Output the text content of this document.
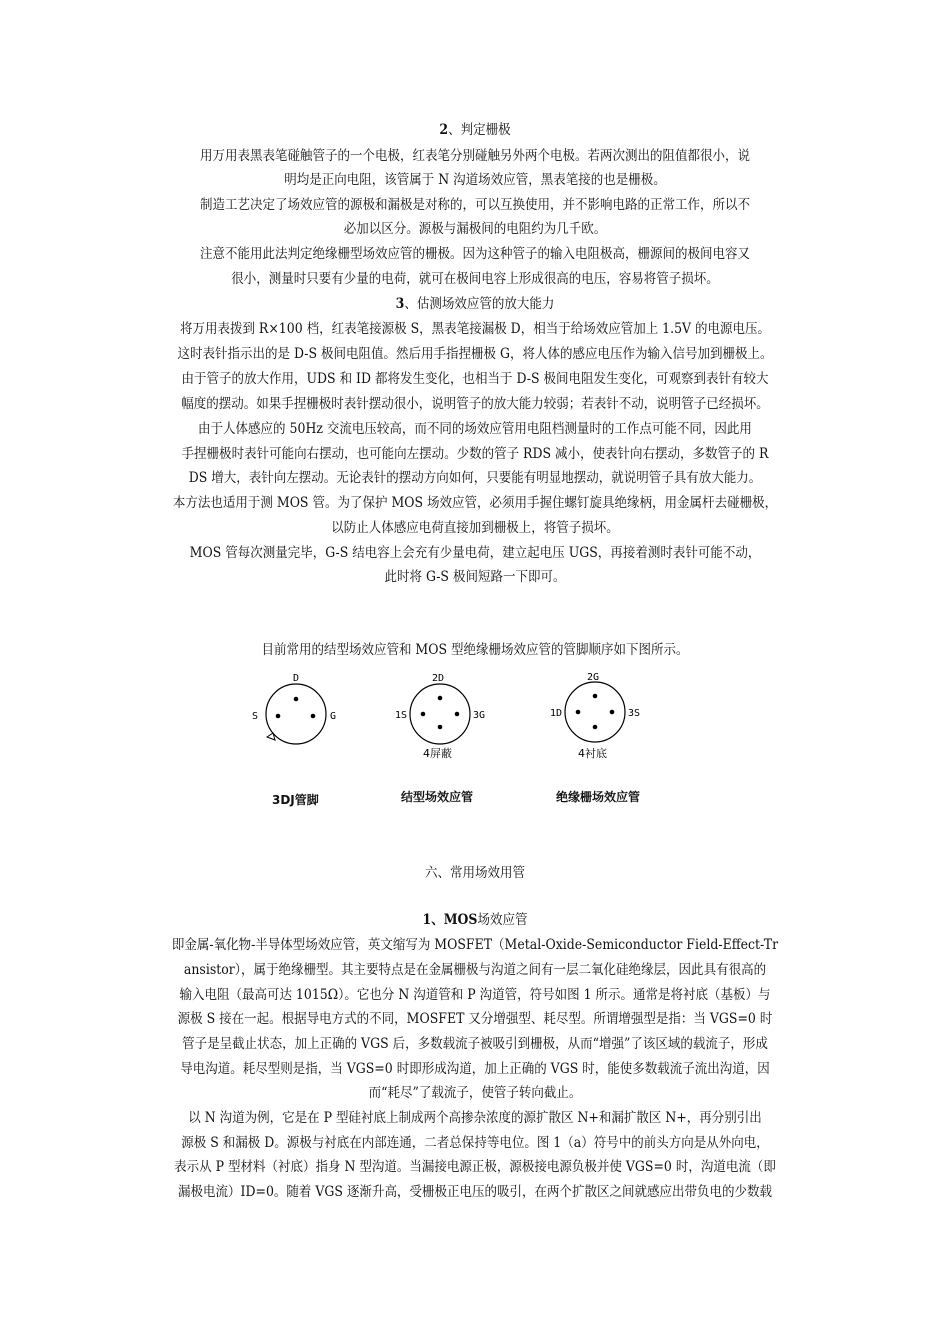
2、判定栅极
用万用表黑表笔碰触管子的一个电极，红表笔分别碰触另外两个电极。若两次测出的阻值都很小，说
明均是正向电阻，该管属于 N 沟道场效应管，黑表笔接的也是栅极。
制造工艺决定了场效应管的源极和漏极是对称的，可以互换使用，并不影响电路的正常工作，所以不
必加以区分。源极与漏极间的电阻约为几千欧。
注意不能用此法判定绝缘栅型场效应管的栅极。因为这种管子的输入电阻极高，栅源间的极间电容又
很小，测量时只要有少量的电荷，就可在极间电容上形成很高的电压，容易将管子损坏。
3、估测场效应管的放大能力
将万用表拨到 R×100 档，红表笔接源极 S，黑表笔接漏极 D，相当于给场效应管加上 1.5V 的电源电压。
这时表针指示出的是 D-S 极间电阻值。然后用手指捏栅极 G，将人体的感应电压作为输入信号加到栅极上。
由于管子的放大作用，UDS 和 ID 都将发生变化，也相当于 D-S 极间电阻发生变化，可观察到表针有较大
幅度的摆动。如果手捏栅极时表针摆动很小，说明管子的放大能力较弱；若表针不动，说明管子已经损坏。
由于人体感应的 50Hz 交流电压较高，而不同的场效应管用电阻档测量时的工作点可能不同，因此用
手捏栅极时表针可能向右摆动，也可能向左摆动。少数的管子 RDS 减小，使表针向右摆动，多数管子的 R
DS 增大，表针向左摆动。无论表针的摆动方向如何，只要能有明显地摆动，就说明管子具有放大能力。
本方法也适用于测 MOS 管。为了保护 MOS 场效应管，必须用手握住螺钉旋具绝缘柄，用金属杆去碰栅极，
以防止人体感应电荷直接加到栅极上，将管子损坏。
MOS 管每次测量完毕，G-S 结电容上会充有少量电荷，建立起电压 UGS，再接着测时表针可能不动，
此时将 G-S 极间短路一下即可。
目前常用的结型场效应管和 MOS 型绝缘栅场效应管的管脚顺序如下图所示。
D
S	G
2D
1S	3G
4屏蔽
2G
1D	3S
4衬底
3DJ管脚	结型场效应管	绝缘栅场效应管
六、常用场效用管
1、MOS场效应管
即金属-氧化物-半导体型场效应管，英文缩写为 MOSFET（Metal-Oxide-Semiconductor Field-Effect-Tr
ansistor），属于绝缘栅型。其主要特点是在金属栅极与沟道之间有一层二氧化硅绝缘层，因此具有很高的
输入电阻（最高可达 1015Ω）。它也分 N 沟道管和 P 沟道管，符号如图 1 所示。通常是将衬底（基板）与
源极 S 接在一起。根据导电方式的不同，MOSFET 又分增强型、耗尽型。所谓增强型是指：当 VGS=0 时
管子是呈截止状态，加上正确的 VGS 后，多数载流子被吸引到栅极，从而“增强”了该区域的载流子，形成
导电沟道。耗尽型则是指，当 VGS=0 时即形成沟道，加上正确的 VGS 时，能使多数载流子流出沟道，因
而“耗尽”了载流子，使管子转向截止。
以 N 沟道为例，它是在 P 型硅衬底上制成两个高掺杂浓度的源扩散区 N+和漏扩散区 N+，再分别引出
源极 S 和漏极 D。源极与衬底在内部连通，二者总保持等电位。图 1（a）符号中的前头方向是从外向电，
表示从 P 型材料（衬底）指身 N 型沟道。当漏接电源正极，源极接电源负极并使 VGS=0 时，沟道电流（即
漏极电流）ID=0。随着 VGS 逐渐升高，受栅极正电压的吸引，在两个扩散区之间就感应出带负电的少数载
